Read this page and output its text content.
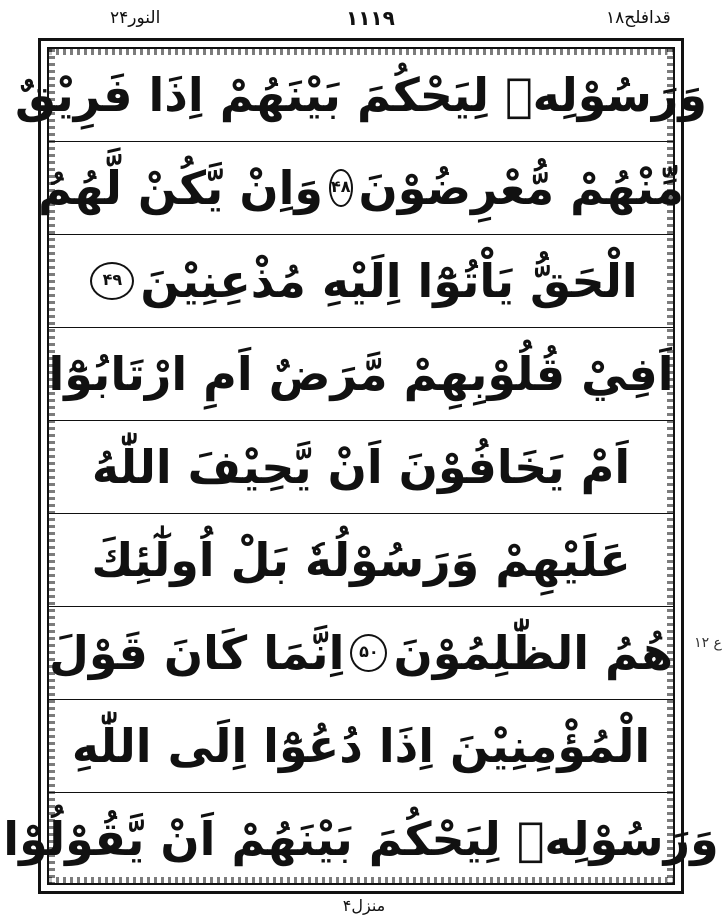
النور۲۴	۱۱۱۹	قدافلح۱۸
وَرَسُوْلِهٖ لِيَحْكُمَ بَيْنَهُمْ اِذَا فَرِيْقٌ
مِّنْهُمْ مُّعْرِضُوْنَ
۴۸
وَاِنْ يَّكُنْ لَّهُمُ
الْحَقُّ يَاْتُوْٓا اِلَيْهِ مُذْعِنِيْنَ
۴۹
اَفِيْ قُلُوْبِهِمْ مَّرَضٌ اَمِ ارْتَابُوْٓا
اَمْ يَخَافُوْنَ اَنْ يَّحِيْفَ اللّٰهُ
عَلَيْهِمْ وَرَسُوْلُهٗ بَلْ اُولٰٓئِكَ
هُمُ الظّٰلِمُوْنَ
۵۰
اِنَّمَا كَانَ قَوْلَ
الْمُؤْمِنِيْنَ اِذَا دُعُوْٓا اِلَى اللّٰهِ
وَرَسُوْلِهٖ لِيَحْكُمَ بَيْنَهُمْ اَنْ يَّقُوْلُوْا
ع ۱۲
منزل۴
